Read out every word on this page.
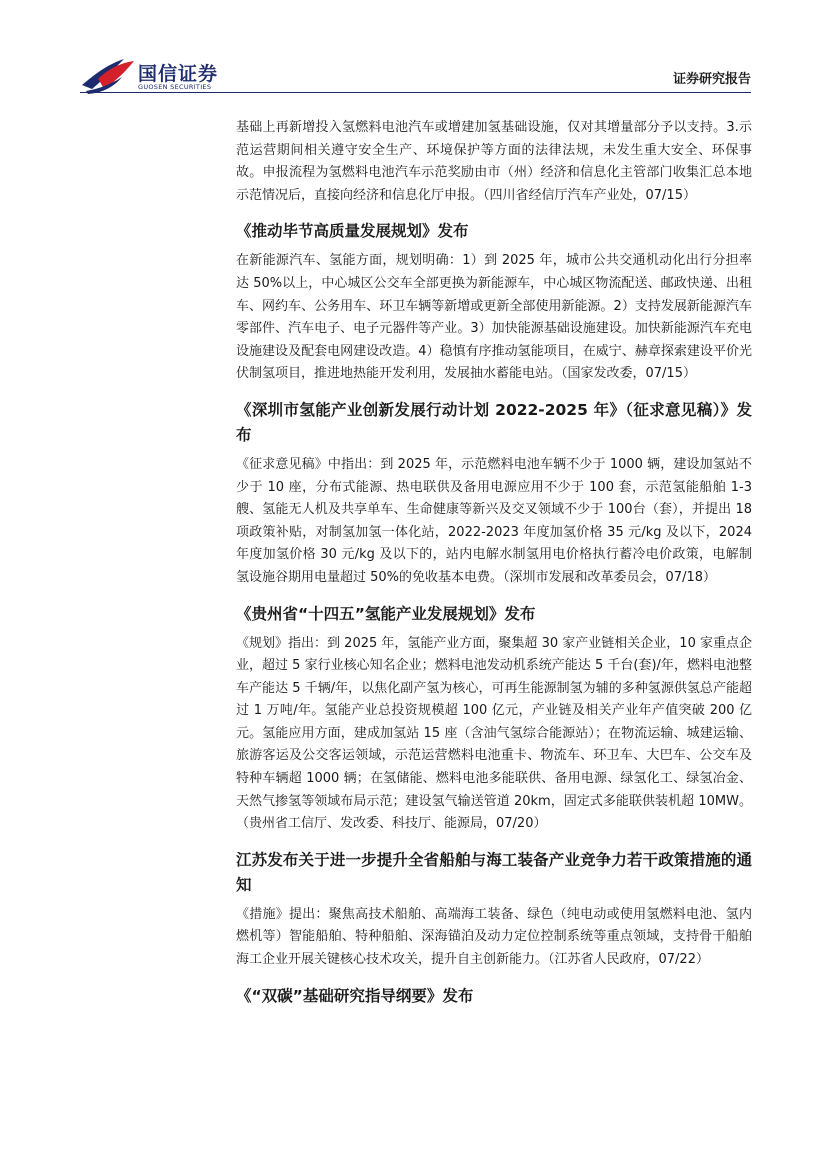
国信证券
GUOSEN SECURITIES	证券研究报告

基础上再新增投入氢燃料电池汽车或增建加氢基础设施，仅对其增量部分予以支持。3.示范运营期间相关遵守安全生产、环境保护等方面的法律法规，未发生重大安全、环保事故。申报流程为氢燃料电池汽车示范奖励由市（州）经济和信息化主管部门收集汇总本地示范情况后，直接向经济和信息化厅申报。（四川省经信厅汽车产业处，07/15）

《推动毕节高质量发展规划》发布

在新能源汽车、氢能方面，规划明确：1）到 2025 年，城市公共交通机动化出行分担率达 50%以上，中心城区公交车全部更换为新能源车，中心城区物流配送、邮政快递、出租车、网约车、公务用车、环卫车辆等新增或更新全部使用新能源。2）支持发展新能源汽车零部件、汽车电子、电子元器件等产业。3）加快能源基础设施建设。加快新能源汽车充电设施建设及配套电网建设改造。4）稳慎有序推动氢能项目，在威宁、赫章探索建设平价光伏制氢项目，推进地热能开发利用，发展抽水蓄能电站。（国家发改委，07/15）

《深圳市氢能产业创新发展行动计划 2022-2025 年》（征求意见稿）》发布

《征求意见稿》中指出：到 2025 年，示范燃料电池车辆不少于 1000 辆，建设加氢站不少于 10 座，分布式能源、热电联供及备用电源应用不少于 100 套，示范氢能船舶 1-3 艘、氢能无人机及共享单车、生命健康等新兴及交叉领域不少于 100台（套），并提出 18 项政策补贴，对制氢加氢一体化站，2022-2023 年度加氢价格 35 元/kg 及以下，2024 年度加氢价格 30 元/kg 及以下的，站内电解水制氢用电价格执行蓄冷电价政策，电解制氢设施谷期用电量超过 50%的免收基本电费。（深圳市发展和改革委员会，07/18）

《贵州省“十四五”氢能产业发展规划》发布

《规划》指出：到 2025 年，氢能产业方面，聚集超 30 家产业链相关企业，10 家重点企业，超过 5 家行业核心知名企业；燃料电池发动机系统产能达 5 千台(套)/年，燃料电池整车产能达 5 千辆/年，以焦化副产氢为核心，可再生能源制氢为辅的多种氢源供氢总产能超过 1 万吨/年。氢能产业总投资规模超 100 亿元，产业链及相关产业年产值突破 200 亿元。氢能应用方面，建成加氢站 15 座（含油气氢综合能源站）；在物流运输、城建运输、旅游客运及公交客运领域，示范运营燃料电池重卡、物流车、环卫车、大巴车、公交车及特种车辆超 1000 辆；在氢储能、燃料电池多能联供、备用电源、绿氢化工、绿氢冶金、天然气掺氢等领域布局示范；建设氢气输送管道 20km，固定式多能联供装机超 10MW。（贵州省工信厅、发改委、科技厅、能源局，07/20）

江苏发布关于进一步提升全省船舶与海工装备产业竞争力若干政策措施的通知

《措施》提出：聚焦高技术船舶、高端海工装备、绿色（纯电动或使用氢燃料电池、氢内燃机等）智能船舶、特种船舶、深海锚泊及动力定位控制系统等重点领域，支持骨干船舶海工企业开展关键核心技术攻关，提升自主创新能力。（江苏省人民政府，07/22）

《“双碳”基础研究指导纲要》发布
